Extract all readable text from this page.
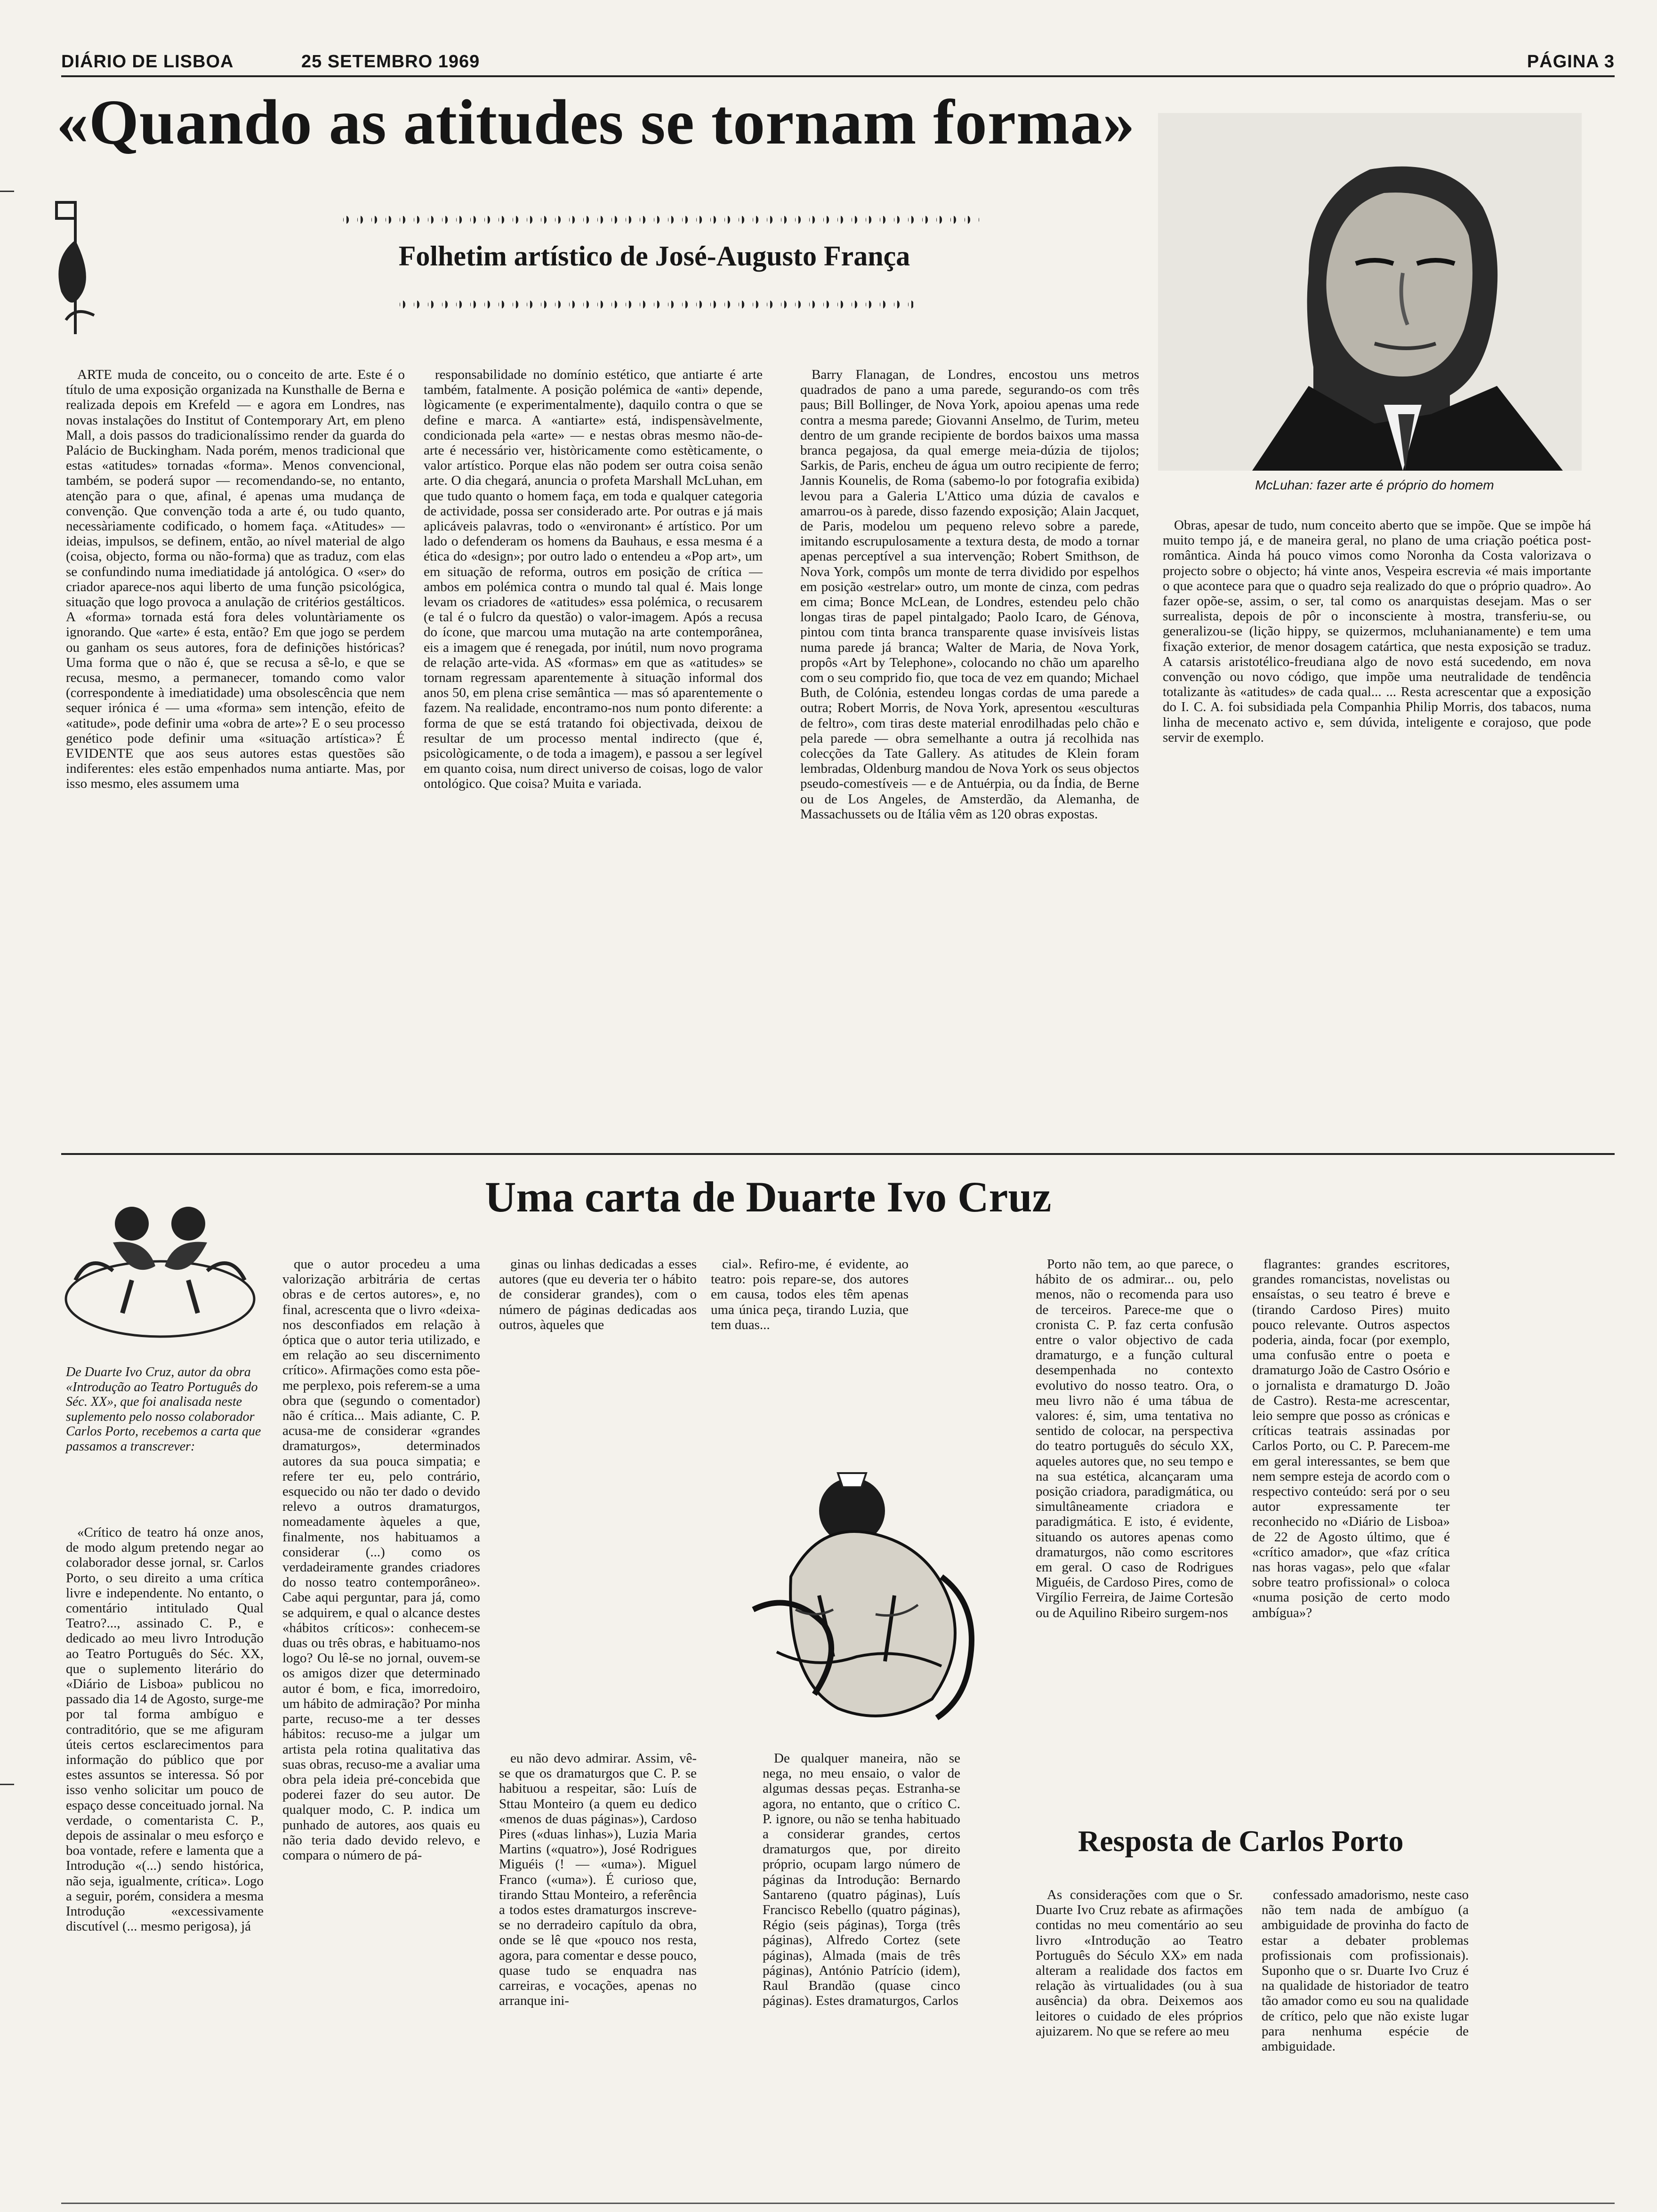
DIÁRIO DE LISBOA	25 SETEMBRO 1969	PÁGINA 3
«Quando as atitudes se tornam forma»
Folhetim artístico de José-Augusto França
McLuhan: fazer arte é próprio do homem

ARTE muda de conceito, ou o conceito de arte. Este é o título de uma exposição organizada na Kunsthalle de Berna e realizada depois em Krefeld — e agora em Londres, nas novas instalações do Institut of Contemporary Art, em pleno Mall, a dois passos do tradicionalíssimo render da guarda do Palácio de Buckingham. Nada porém, menos tradicional que estas «atitudes» tornadas «forma». Menos convencional, também, se poderá supor — recomendando-se, no entanto, atenção para o que, afinal, é apenas uma mudança de convenção. Que convenção toda a arte é, ou tudo quanto, necessàriamente codificado, o homem faça. «Atitudes» — ideias, impulsos, se definem, então, ao nível material de algo (coisa, objecto, forma ou não-forma) que as traduz, com elas se confundindo numa imediatidade já antológica. O «ser» do criador aparece-nos aqui liberto de uma função psicológica, situação que logo provoca a anulação de critérios gestálticos. A «forma» tornada está fora deles voluntàriamente os ignorando. Que «arte» é esta, então? Em que jogo se perdem ou ganham os seus autores, fora de definições históricas? Uma forma que o não é, que se recusa a sê-lo, e que se recusa, mesmo, a permanecer, tomando como valor (correspondente à imediatidade) uma obsolescência que nem sequer irónica é — uma «forma» sem intenção, efeito de «atitude», pode definir uma «obra de arte»? E o seu processo genético pode definir uma «situação artística»? É EVIDENTE que aos seus autores estas questões são indiferentes: eles estão empenhados numa antiarte. Mas, por isso mesmo, eles assumem uma

responsabilidade no domínio estético, que antiarte é arte também, fatalmente. A posição polémica de «anti» depende, lògicamente (e experimentalmente), daquilo contra o que se define e marca. A «antiarte» está, indispensàvelmente, condicionada pela «arte» — e nestas obras mesmo não-de-arte é necessário ver, històricamente como estèticamente, o valor artístico. Porque elas não podem ser outra coisa senão arte. O dia chegará, anuncia o profeta Marshall McLuhan, em que tudo quanto o homem faça, em toda e qualquer categoria de actividade, possa ser considerado arte. Por outras e já mais aplicáveis palavras, todo o «environant» é artístico. Por um lado o defenderam os homens da Bauhaus, e essa mesma é a ética do «design»; por outro lado o entendeu a «Pop art», um em situação de reforma, outros em posição de crítica — ambos em polémica contra o mundo tal qual é. Mais longe levam os criadores de «atitudes» essa polémica, o recusarem (e tal é o fulcro da questão) o valor-imagem. Após a recusa do ícone, que marcou uma mutação na arte contemporânea, eis a imagem que é renegada, por inútil, num novo programa de relação arte-vida. AS «formas» em que as «atitudes» se tornam regressam aparentemente à situação informal dos anos 50, em plena crise semântica — mas só aparentemente o fazem. Na realidade, encontramo-nos num ponto diferente: a forma de que se está tratando foi objectivada, deixou de resultar de um processo mental indirecto (que é, psicològicamente, o de toda a imagem), e passou a ser legível em quanto coisa, num direct universo de coisas, logo de valor ontológico. Que coisa? Muita e variada.

Barry Flanagan, de Londres, encostou uns metros quadrados de pano a uma parede, segurando-os com três paus; Bill Bollinger, de Nova York, apoiou apenas uma rede contra a mesma parede; Giovanni Anselmo, de Turim, meteu dentro de um grande recipiente de bordos baixos uma massa branca pegajosa, da qual emerge meia-dúzia de tijolos; Sarkis, de Paris, encheu de água um outro recipiente de ferro; Jannis Kounelis, de Roma (sabemo-lo por fotografia exibida) levou para a Galeria L'Attico uma dúzia de cavalos e amarrou-os à parede, disso fazendo exposição; Alain Jacquet, de Paris, modelou um pequeno relevo sobre a parede, imitando escrupulosamente a textura desta, de modo a tornar apenas perceptível a sua intervenção; Robert Smithson, de Nova York, compôs um monte de terra dividido por espelhos em posição «estrelar» outro, um monte de cinza, com pedras em cima; Bonce McLean, de Londres, estendeu pelo chão longas tiras de papel pintalgado; Paolo Icaro, de Génova, pintou com tinta branca transparente quase invisíveis listas numa parede já branca; Walter de Maria, de Nova York, propôs «Art by Telephone», colocando no chão um aparelho com o seu comprido fio, que toca de vez em quando; Michael Buth, de Colónia, estendeu longas cordas de uma parede a outra; Robert Morris, de Nova York, apresentou «esculturas de feltro», com tiras deste material enrodilhadas pelo chão e pela parede — obra semelhante a outra já recolhida nas colecções da Tate Gallery. As atitudes de Klein foram lembradas, Oldenburg mandou de Nova York os seus objectos pseudo-comestíveis — e de Antuérpia, ou da Índia, de Berne ou de Los Angeles, de Amsterdão, da Alemanha, de Massachussets ou de Itália vêm as 120 obras expostas.

Obras, apesar de tudo, num conceito aberto que se impõe. Que se impõe há muito tempo já, e de maneira geral, no plano de uma criação poética post-romântica. Ainda há pouco vimos como Noronha da Costa valorizava o projecto sobre o objecto; há vinte anos, Vespeira escrevia «é mais importante o que acontece para que o quadro seja realizado do que o próprio quadro». Ao fazer opõe-se, assim, o ser, tal como os anarquistas desejam. Mas o ser surrealista, depois de pôr o inconsciente à mostra, transferiu-se, ou generalizou-se (lição hippy, se quizermos, mcluhanianamente) e tem uma fixação exterior, de menor dosagem catártica, que nesta exposição se traduz. A catarsis aristotélico-freudiana algo de novo está sucedendo, em nova convenção ou novo código, que impõe uma neutralidade de tendência totalizante às «atitudes» de cada qual... ... Resta acrescentar que a exposição do I. C. A. foi subsidiada pela Companhia Philip Morris, dos tabacos, numa linha de mecenato activo e, sem dúvida, inteligente e corajoso, que pode servir de exemplo.

Uma carta de Duarte Ivo Cruz
De Duarte Ivo Cruz, autor da obra «Introdução ao Teatro Português do Séc. XX», que foi analisada neste suplemento pelo nosso colaborador Carlos Porto, recebemos a carta que passamos a transcrever:

«Crítico de teatro há onze anos, de modo algum pretendo negar ao colaborador desse jornal, sr. Carlos Porto, o seu direito a uma crítica livre e independente. No entanto, o comentário intitulado Qual Teatro?..., assinado C. P., e dedicado ao meu livro Introdução ao Teatro Português do Séc. XX, que o suplemento literário do «Diário de Lisboa» publicou no passado dia 14 de Agosto, surge-me por tal forma ambíguo e contraditório, que se me afiguram úteis certos esclarecimentos para informação do público que por estes assuntos se interessa. Só por isso venho solicitar um pouco de espaço desse conceituado jornal. Na verdade, o comentarista C. P., depois de assinalar o meu esforço e boa vontade, refere e lamenta que a Introdução «(...) sendo histórica, não seja, igualmente, crítica». Logo a seguir, porém, considera a mesma Introdução «excessivamente discutível (... mesmo perigosa), já

que o autor procedeu a uma valorização arbitrária de certas obras e de certos autores», e, no final, acrescenta que o livro «deixa-nos desconfiados em relação à óptica que o autor teria utilizado, e em relação ao seu discernimento crítico». Afirmações como esta põe-me perplexo, pois referem-se a uma obra que (segundo o comentador) não é crítica... Mais adiante, C. P. acusa-me de considerar «grandes dramaturgos», determinados autores da sua pouca simpatia; e refere ter eu, pelo contrário, esquecido ou não ter dado o devido relevo a outros dramaturgos, nomeadamente àqueles a que, finalmente, nos habituamos a considerar (...) como os verdadeiramente grandes criadores do nosso teatro contemporâneo». Cabe aqui perguntar, para já, como se adquirem, e qual o alcance destes «hábitos críticos»: conhecem-se duas ou três obras, e habituamo-nos logo? Ou lê-se no jornal, ouvem-se os amigos dizer que determinado autor é bom, e fica, imorredoiro, um hábito de admiração? Por minha parte, recuso-me a ter desses hábitos: recuso-me a julgar um artista pela rotina qualitativa das suas obras, recuso-me a avaliar uma obra pela ideia pré-concebida que poderei fazer do seu autor. De qualquer modo, C. P. indica um punhado de autores, aos quais eu não teria dado devido relevo, e compara o número de pá-

ginas ou linhas dedicadas a esses autores (que eu deveria ter o hábito de considerar grandes), com o número de páginas dedicadas aos outros, àqueles que

cial». Refiro-me, é evidente, ao teatro: pois repare-se, dos autores em causa, todos eles têm apenas uma única peça, tirando Luzia, que tem duas...

Porto não tem, ao que parece, o hábito de os admirar... ou, pelo menos, não o recomenda para uso de terceiros. Parece-me que o cronista C. P. faz certa confusão entre o valor objectivo de cada dramaturgo, e a função cultural desempenhada no contexto evolutivo do nosso teatro. Ora, o meu livro não é uma tábua de valores: é, sim, uma tentativa no sentido de colocar, na perspectiva do teatro português do século XX, aqueles autores que, no seu tempo e na sua estética, alcançaram uma posição criadora, paradigmática, ou simultâneamente criadora e paradigmática. E isto, é evidente, situando os autores apenas como dramaturgos, não como escritores em geral. O caso de Rodrigues Miguéis, de Cardoso Pires, como de Virgílio Ferreira, de Jaime Cortesão ou de Aquilino Ribeiro surgem-nos

flagrantes: grandes escritores, grandes romancistas, novelistas ou ensaístas, o seu teatro é breve e (tirando Cardoso Pires) muito pouco relevante. Outros aspectos poderia, ainda, focar (por exemplo, uma confusão entre o poeta e dramaturgo João de Castro Osório e o jornalista e dramaturgo D. João de Castro). Resta-me acrescentar, leio sempre que posso as crónicas e críticas teatrais assinadas por Carlos Porto, ou C. P. Parecem-me em geral interessantes, se bem que nem sempre esteja de acordo com o respectivo conteúdo: será por o seu autor expressamente ter reconhecido no «Diário de Lisboa» de 22 de Agosto último, que é «crítico amador», que «faz crítica nas horas vagas», pelo que «falar sobre teatro profissional» o coloca «numa posição de certo modo ambígua»?

eu não devo admirar. Assim, vê-se que os dramaturgos que C. P. se habituou a respeitar, são: Luís de Sttau Monteiro (a quem eu dedico «menos de duas páginas»), Cardoso Pires («duas linhas»), Luzia Maria Martins («quatro»), José Rodrigues Miguéis (! — «uma»). Miguel Franco («uma»). É curioso que, tirando Sttau Monteiro, a referência a todos estes dramaturgos inscreve-se no derradeiro capítulo da obra, onde se lê que «pouco nos resta, agora, para comentar e desse pouco, quase tudo se enquadra nas carreiras, e vocações, apenas no arranque ini-

De qualquer maneira, não se nega, no meu ensaio, o valor de algumas dessas peças. Estranha-se agora, no entanto, que o crítico C. P. ignore, ou não se tenha habituado a considerar grandes, certos dramaturgos que, por direito próprio, ocupam largo número de páginas da Introdução: Bernardo Santareno (quatro páginas), Luís Francisco Rebello (quatro páginas), Régio (seis páginas), Torga (três páginas), Alfredo Cortez (sete páginas), Almada (mais de três páginas), António Patrício (idem), Raul Brandão (quase cinco páginas). Estes dramaturgos, Carlos

Resposta de Carlos Porto

As considerações com que o Sr. Duarte Ivo Cruz rebate as afirmações contidas no meu comentário ao seu livro «Introdução ao Teatro Português do Século XX» em nada alteram a realidade dos factos em relação às virtualidades (ou à sua ausência) da obra. Deixemos aos leitores o cuidado de eles próprios ajuizarem. No que se refere ao meu

confessado amadorismo, neste caso não tem nada de ambíguo (a ambiguidade de provinha do facto de estar a debater problemas profissionais com profissionais). Suponho que o sr. Duarte Ivo Cruz é na qualidade de historiador de teatro tão amador como eu sou na qualidade de crítico, pelo que não existe lugar para nenhuma espécie de ambiguidade.
